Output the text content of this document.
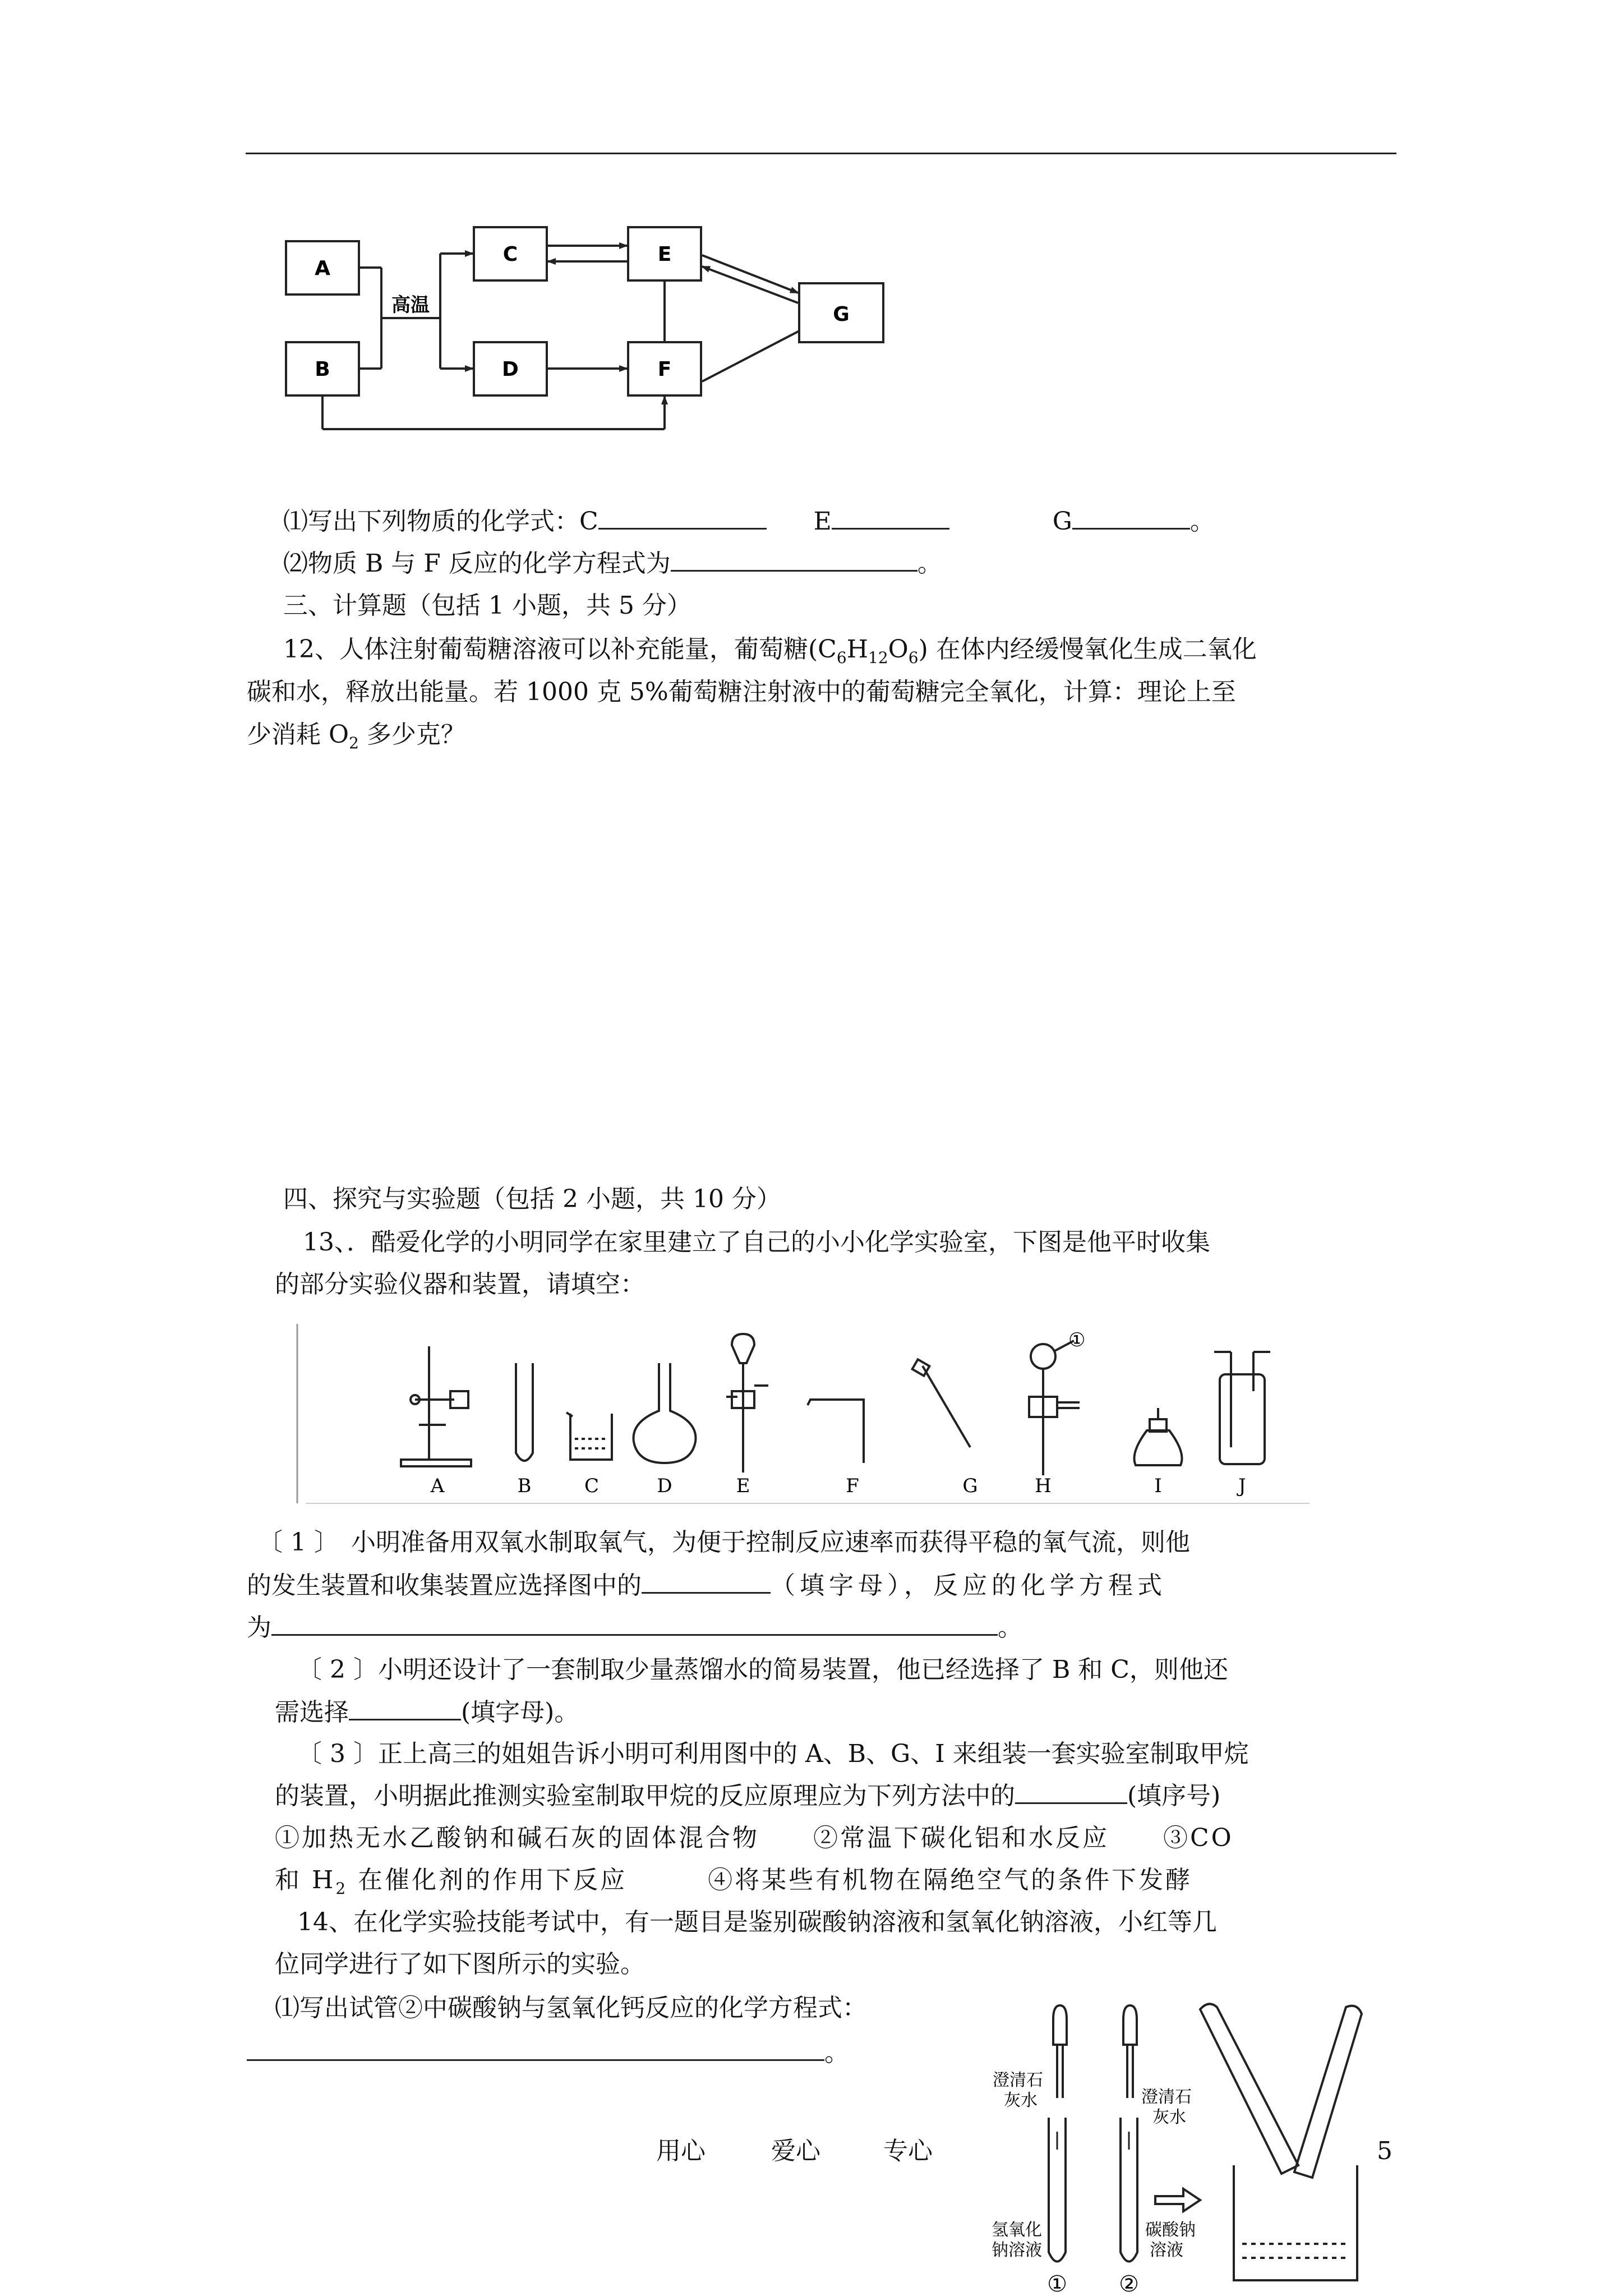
A
B
C
D
E
F
G
高温
⑴写出下列物质的化学式：C	E	G	。
⑵物质 B 与 F 反应的化学方程式为	。
三、计算题（包括 1 小题，共 5 分）
12、人体注射葡萄糖溶液可以补充能量，葡萄糖$(C_6H_{12}O_6)$ 在体内经缓慢氧化生成二氧化
碳和水，释放出能量。若 1000 克 5%葡萄糖注射液中的葡萄糖完全氧化，计算：理论上至
少消耗 $O_2$ 多少克？
四、探究与实验题（包括 2 小题，共 10 分）
13、．酷爱化学的小明同学在家里建立了自己的小小化学实验室，下图是他平时收集
的部分实验仪器和装置，请填空：
①
A	B	C	D	E	F	G	H	I	J
〔 1 〕　小明准备用双氧水制取氧气，为便于控制反应速率而获得平稳的氧气流，则他
的发生装置和收集装置应选择图中的	（填字母），反应的化学方程式
为	。
〔 2 〕小明还设计了一套制取少量蒸馏水的简易装置，他已经选择了 B 和 C，则他还
需选择	(填字母)。
〔 3 〕正上高三的姐姐告诉小明可利用图中的 A、B、G、I 来组装一套实验室制取甲烷
的装置，小明据此推测实验室制取甲烷的反应原理应为下列方法中的	(填序号)
①加热无水乙酸钠和碱石灰的固体混合物　　②常温下碳化铝和水反应　　③CO
和 $H_2$ 在催化剂的作用下反应　　　④将某些有机物在隔绝空气的条件下发酵
14、在化学实验技能考试中，有一题目是鉴别碳酸钠溶液和氢氧化钠溶液，小红等几
位同学进行了如下图所示的实验。
⑴写出试管②中碳酸钠与氢氧化钙反应的化学方程式：
。
澄清石
灰水	澄清石
灰水
氢氧化
钠溶液
碳酸钠
溶液
① ②
用心	爱心	专心	5
